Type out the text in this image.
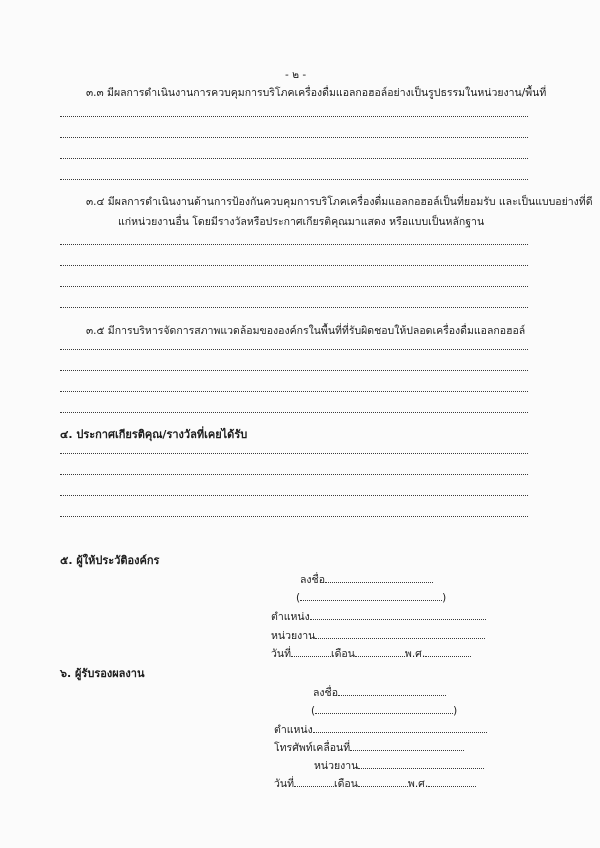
- ๒ -
๓.๓ มีผลการดำเนินงานการควบคุมการบริโภคเครื่องดื่มแอลกอฮอล์อย่างเป็นรูปธรรมในหน่วยงาน/พื้นที่
๓.๔ มีผลการดำเนินงานด้านการป้องกันควบคุมการบริโภคเครื่องดื่มแอลกอฮอล์เป็นที่ยอมรับ และเป็นแบบอย่างที่ดี
แก่หน่วยงานอื่น โดยมีรางวัลหรือประกาศเกียรติคุณมาแสดง หรือแบบเป็นหลักฐาน
๓.๕ มีการบริหารจัดการสภาพแวดล้อมขององค์กรในพื้นที่ที่รับผิดชอบให้ปลอดเครื่องดื่มแอลกอฮอล์
๔. ประกาศเกียรติคุณ/รางวัลที่เคยได้รับ
๕. ผู้ให้ประวัติองค์กร
ลงชื่อ
(	)
ตำแหน่ง
หน่วยงาน
วันที่	เดือน	พ.ศ.
๖. ผู้รับรองผลงาน
ลงชื่อ
(	)
ตำแหน่ง
โทรศัพท์เคลื่อนที่
หน่วยงาน
วันที่	เดือน	พ.ศ.
